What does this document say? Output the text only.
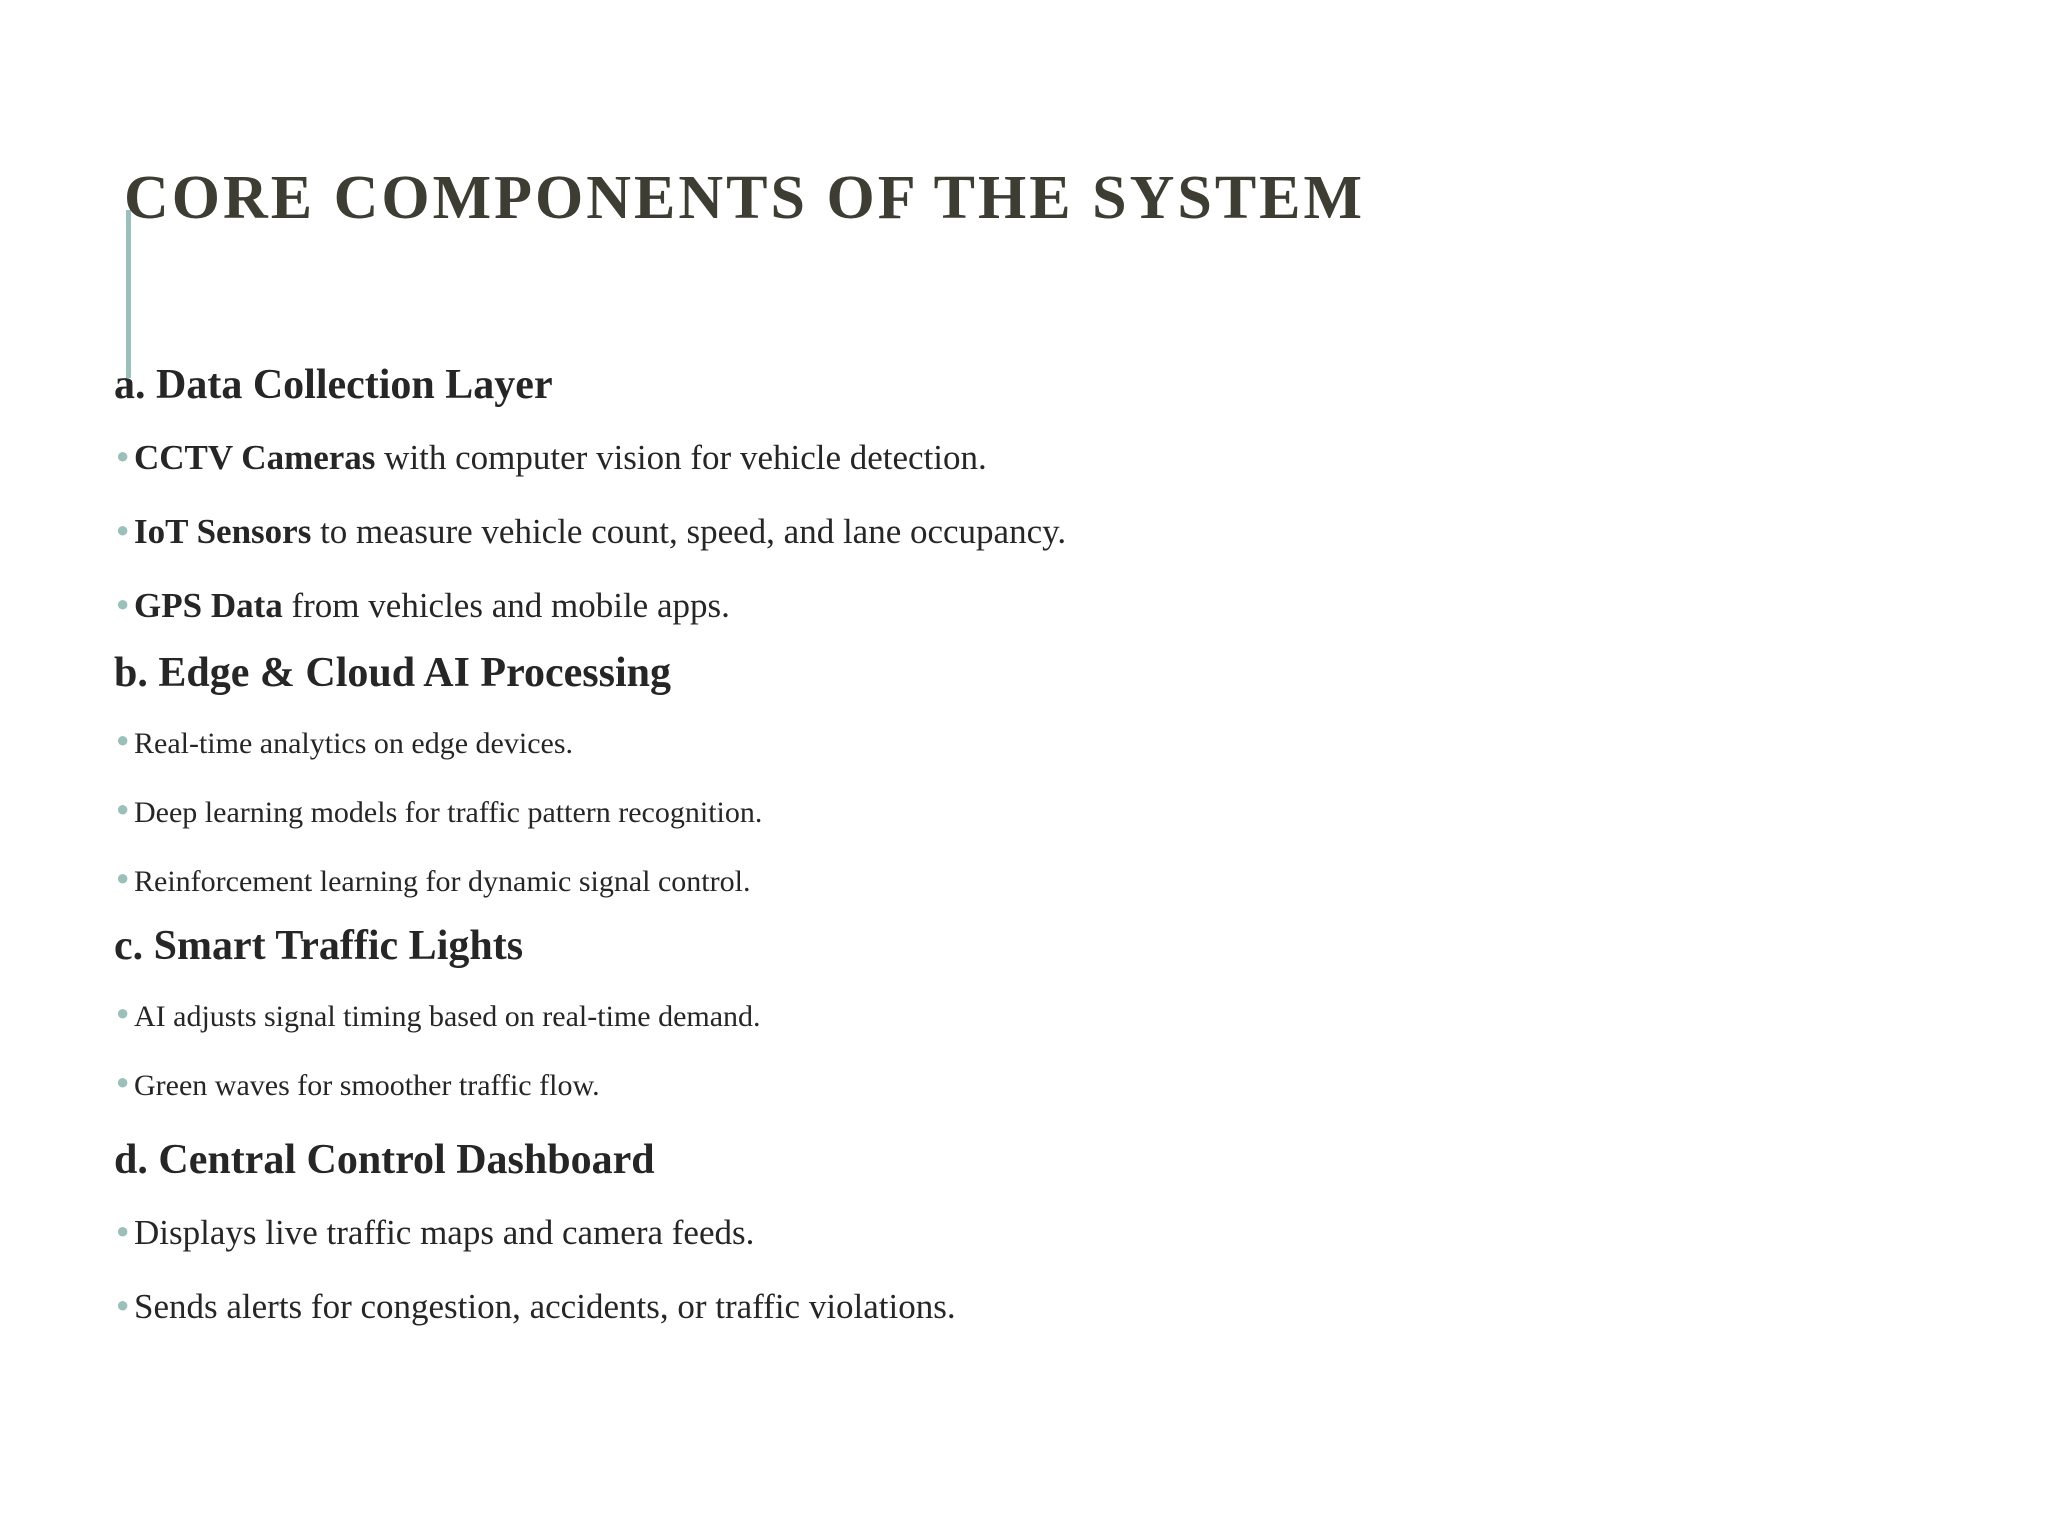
CORE COMPONENTS OF THE SYSTEM
a. Data Collection Layer
● CCTV Cameras with computer vision for vehicle detection.
● IoT Sensors to measure vehicle count, speed, and lane occupancy.
● GPS Data from vehicles and mobile apps.
b. Edge & Cloud AI Processing
● Real-time analytics on edge devices.
● Deep learning models for traffic pattern recognition.
● Reinforcement learning for dynamic signal control.
c. Smart Traffic Lights
● AI adjusts signal timing based on real-time demand.
● Green waves for smoother traffic flow.
d. Central Control Dashboard
● Displays live traffic maps and camera feeds.
● Sends alerts for congestion, accidents, or traffic violations.
